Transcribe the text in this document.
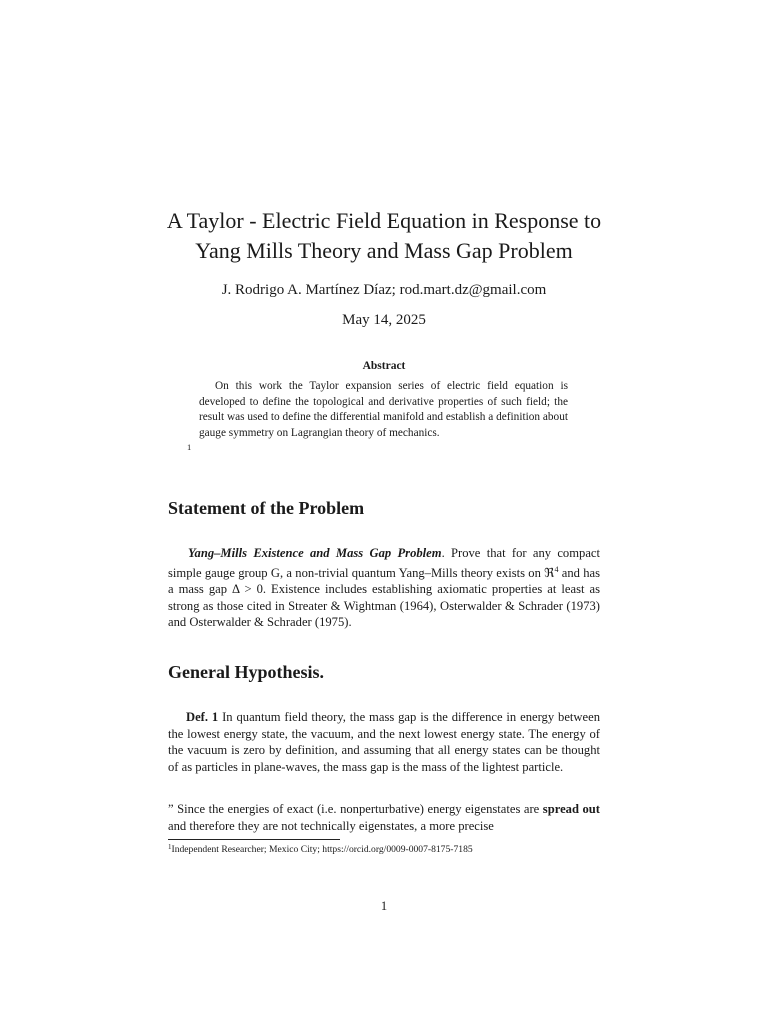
A Taylor - Electric Field Equation in Response to
Yang Mills Theory and Mass Gap Problem
J. Rodrigo A. Martínez Díaz; rod.mart.dz@gmail.com
May 14, 2025
Abstract

On this work the Taylor expansion series of electric field equation is developed to define the topological and derivative properties of such field; the result was used to define the differential manifold and establish a definition about gauge symmetry on Lagrangian theory of mechanics.

1
Statement of the Problem

Yang–Mills Existence and Mass Gap Problem. Prove that for any compact simple gauge group G, a non-trivial quantum Yang–Mills theory exists on ℜ$^4$ and has a mass gap Δ > 0. Existence includes establishing axiomatic properties at least as strong as those cited in Streater & Wightman (1964), Osterwalder & Schrader (1973) and Osterwalder & Schrader (1975).

General Hypothesis.

Def. 1 In quantum field theory, the mass gap is the difference in energy between the lowest energy state, the vacuum, and the next lowest energy state. The energy of the vacuum is zero by definition, and assuming that all energy states can be thought of as particles in plane-waves, the mass gap is the mass of the lightest particle.

” Since the energies of exact (i.e. nonperturbative) energy eigenstates are spread out and therefore they are not technically eigenstates, a more precise

$^1$Independent Researcher; Mexico City; https://orcid.org/0009-0007-8175-7185
1
